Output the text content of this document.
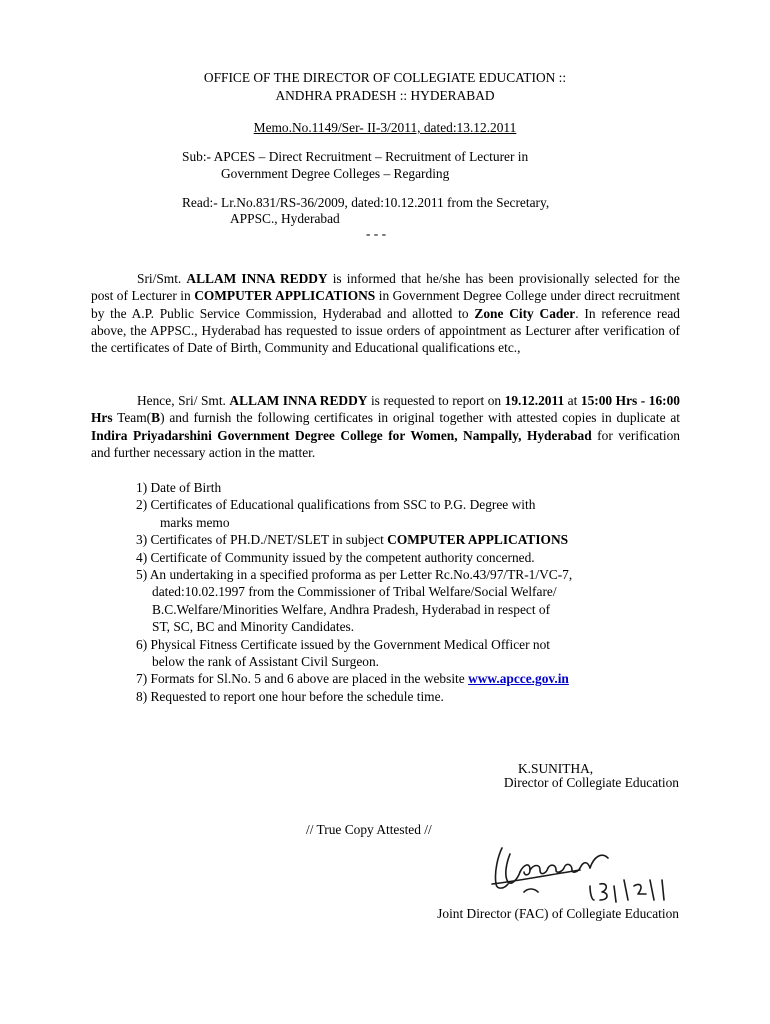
OFFICE OF THE DIRECTOR OF COLLEGIATE EDUCATION ::
ANDHRA PRADESH :: HYDERABAD
Memo.No.1149/Ser- II-3/2011, dated:13.12.2011
Sub:- APCES – Direct Recruitment – Recruitment of Lecturer in
Government Degree Colleges – Regarding
Read:- Lr.No.831/RS-36/2009, dated:10.12.2011 from the Secretary,
APPSC., Hyderabad
- - -

Sri/Smt. ALLAM INNA REDDY is informed that he/she has been provisionally selected for the post of Lecturer in COMPUTER APPLICATIONS in Government Degree College under direct recruitment by the A.P. Public Service Commission, Hyderabad and allotted to Zone City Cader. In reference read above, the APPSC., Hyderabad has requested to issue orders of appointment as Lecturer after verification of the certificates of Date of Birth, Community and Educational qualifications etc.,

Hence, Sri/ Smt. ALLAM INNA REDDY is requested to report on 19.12.2011 at 15:00 Hrs - 16:00 Hrs Team(B) and furnish the following certificates in original together with attested copies in duplicate at Indira Priyadarshini Government Degree College for Women, Nampally, Hyderabad for verification and further necessary action in the matter.

1) Date of Birth
2) Certificates of Educational qualifications from SSC to P.G. Degree with
marks memo
3) Certificates of PH.D./NET/SLET in subject COMPUTER APPLICATIONS
4) Certificate of Community issued by the competent authority concerned.
5) An undertaking in a specified proforma as per Letter Rc.No.43/97/TR-1/VC-7,
dated:10.02.1997 from the Commissioner of Tribal Welfare/Social Welfare/
B.C.Welfare/Minorities Welfare, Andhra Pradesh, Hyderabad in respect of
ST, SC, BC and Minority Candidates.
6) Physical Fitness Certificate issued by the Government Medical Officer not
below the rank of Assistant Civil Surgeon.
7) Formats for Sl.No. 5 and 6 above are placed in the website www.apcce.gov.in
8) Requested to report one hour before the schedule time.
K.SUNITHA,
Director of Collegiate Education
// True Copy Attested //
Joint Director (FAC) of Collegiate Education
